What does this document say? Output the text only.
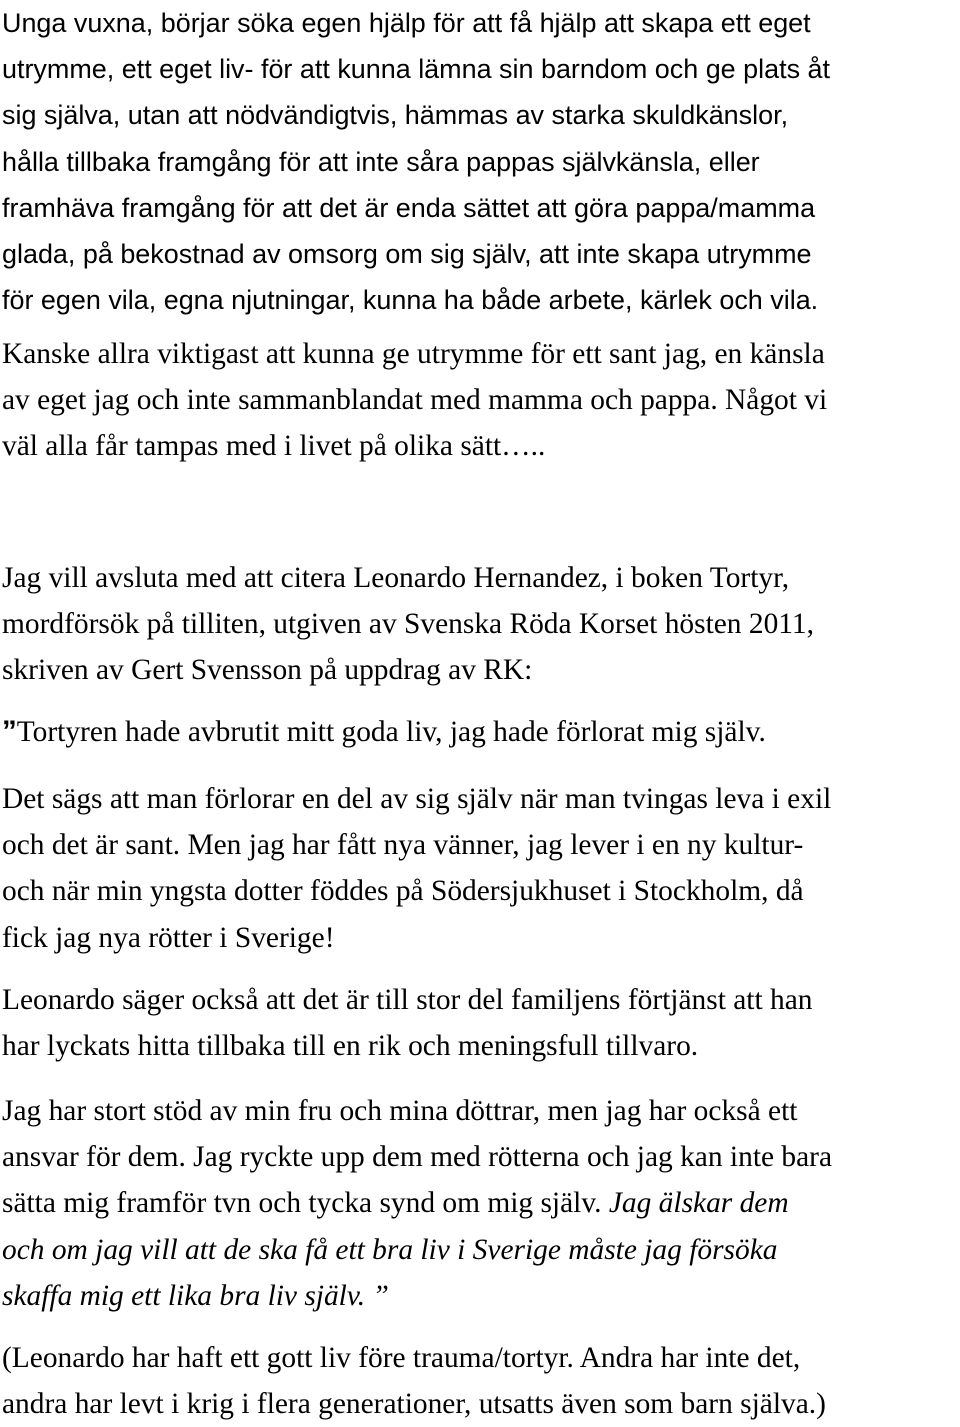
Unga vuxna, börjar söka egen hjälp för att få hjälp att skapa ett eget
utrymme, ett eget liv- för att kunna lämna sin barndom och ge plats åt
sig själva, utan att nödvändigtvis, hämmas av starka skuldkänslor,
hålla tillbaka framgång för att inte såra pappas självkänsla, eller
framhäva framgång för att det är enda sättet att göra pappa/mamma
glada, på bekostnad av omsorg om sig själv, att inte skapa utrymme
för egen vila, egna njutningar, kunna ha både arbete, kärlek och vila.

Kanske allra viktigast att kunna ge utrymme för ett sant jag, en känsla
av eget jag och inte sammanblandat med mamma och pappa. Något vi
väl alla får tampas med i livet på olika sätt…..

Jag vill avsluta med att citera Leonardo Hernandez, i boken Tortyr,
mordförsök på tilliten, utgiven av Svenska Röda Korset hösten 2011,
skriven av Gert Svensson på uppdrag av RK:

”Tortyren hade avbrutit mitt goda liv, jag hade förlorat mig själv.

Det sägs att man förlorar en del av sig själv när man tvingas leva i exil
och det är sant. Men jag har fått nya vänner, jag lever i en ny kultur-
och när min yngsta dotter föddes på Södersjukhuset i Stockholm, då
fick jag nya rötter i Sverige!

Leonardo säger också att det är till stor del familjens förtjänst att han
har lyckats hitta tillbaka till en rik och meningsfull tillvaro.

Jag har stort stöd av min fru och mina döttrar, men jag har också ett
ansvar för dem. Jag ryckte upp dem med rötterna och jag kan inte bara
sätta mig framför tvn och tycka synd om mig själv. Jag älskar dem
och om jag vill att de ska få ett bra liv i Sverige måste jag försöka
skaffa mig ett lika bra liv själv. ”

(Leonardo har haft ett gott liv före trauma/tortyr. Andra har inte det,
andra har levt i krig i flera generationer, utsatts även som barn själva.)
